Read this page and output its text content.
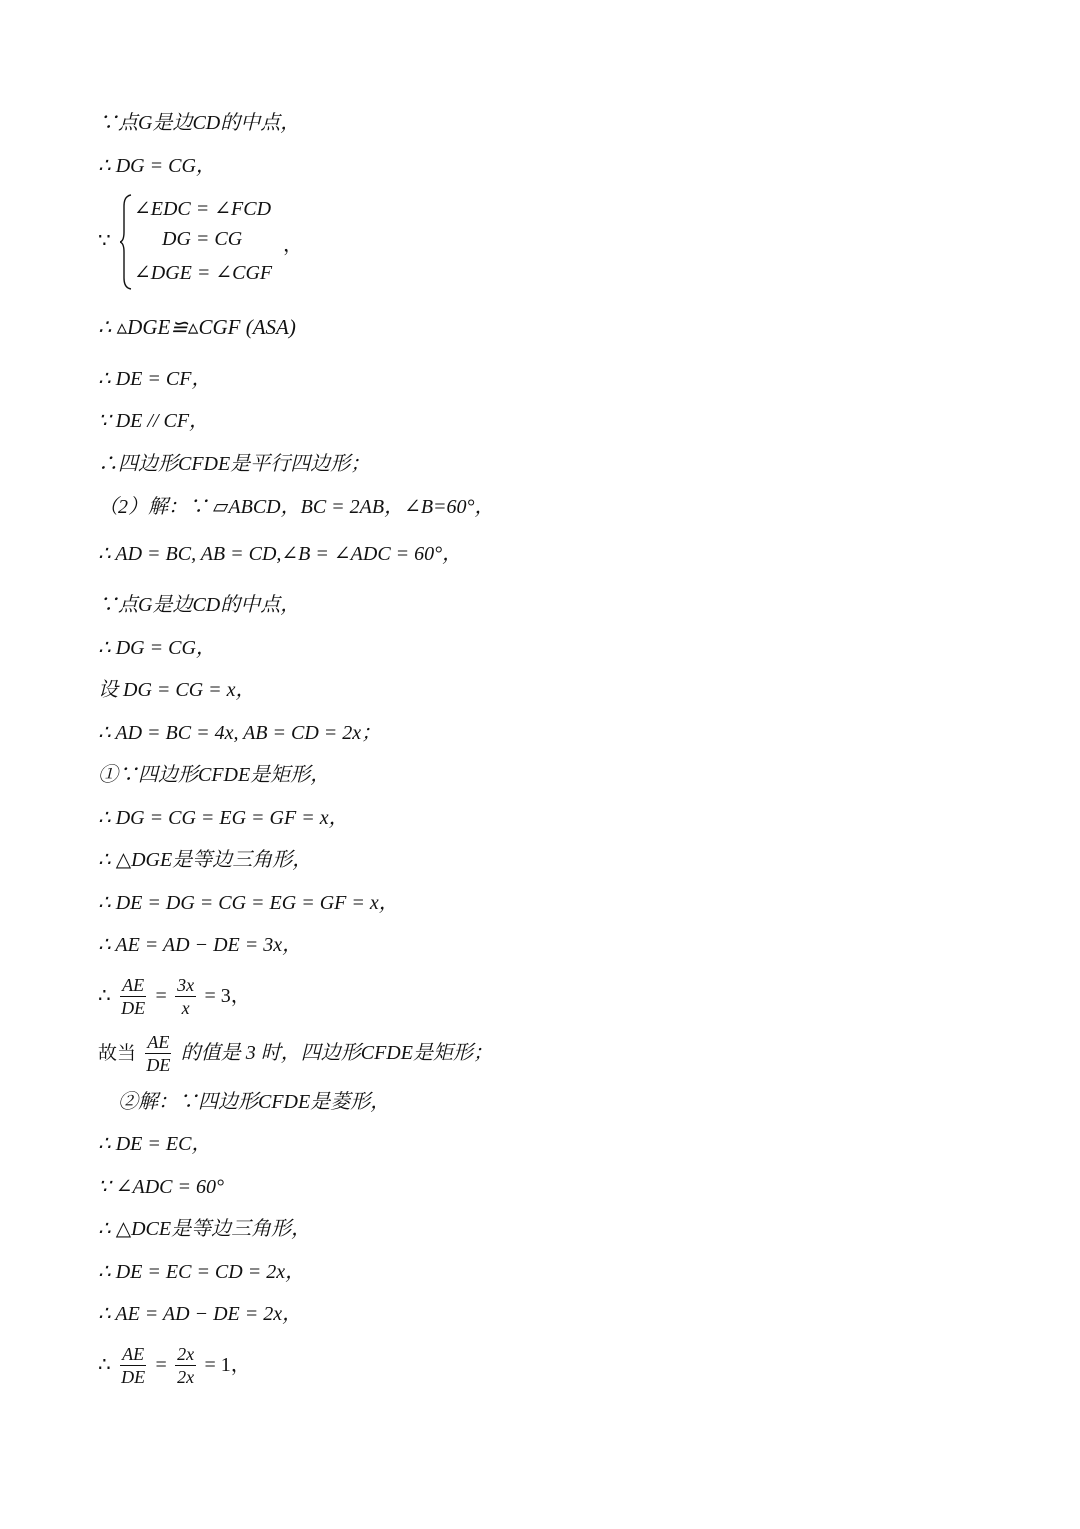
∵点G是边CD的中点，
∴ DG = CG，
∵
∠EDC = ∠FCD
DG = CG ，
∠DGE = ∠CGF
∴ ▵DGE≌▵CGF (ASA)
∴ DE = CF，
∵ DE // CF，
∴四边形CFDE是平行四边形；
（2）解：∵ ▱ABCD，BC = 2AB，∠B=60°，
∴ AD = BC, AB = CD,∠B = ∠ADC = 60°，
∵点G是边CD的中点，
∴ DG = CG，
设 DG = CG = x，
∴ AD = BC = 4x, AB = CD = 2x；
①∵四边形CFDE是矩形，
∴ DG = CG = EG = GF = x，
∴ △DGE是等边三角形，
∴ DE = DG = CG = EG = GF = x，
∴ AE = AD − DE = 3x，
∴ $\frac{AE}{DE} = \frac{3x}{x} = 3$，
故当 $\frac{AE}{DE}$ 的值是 3 时，四边形CFDE是矩形；
②解：∵四边形CFDE是菱形，
∴ DE = EC，
∵ ∠ADC = 60°
∴ △DCE是等边三角形，
∴ DE = EC = CD = 2x，
∴ AE = AD − DE = 2x，
∴ $\frac{AE}{DE} = \frac{2x}{2x} = 1$，
